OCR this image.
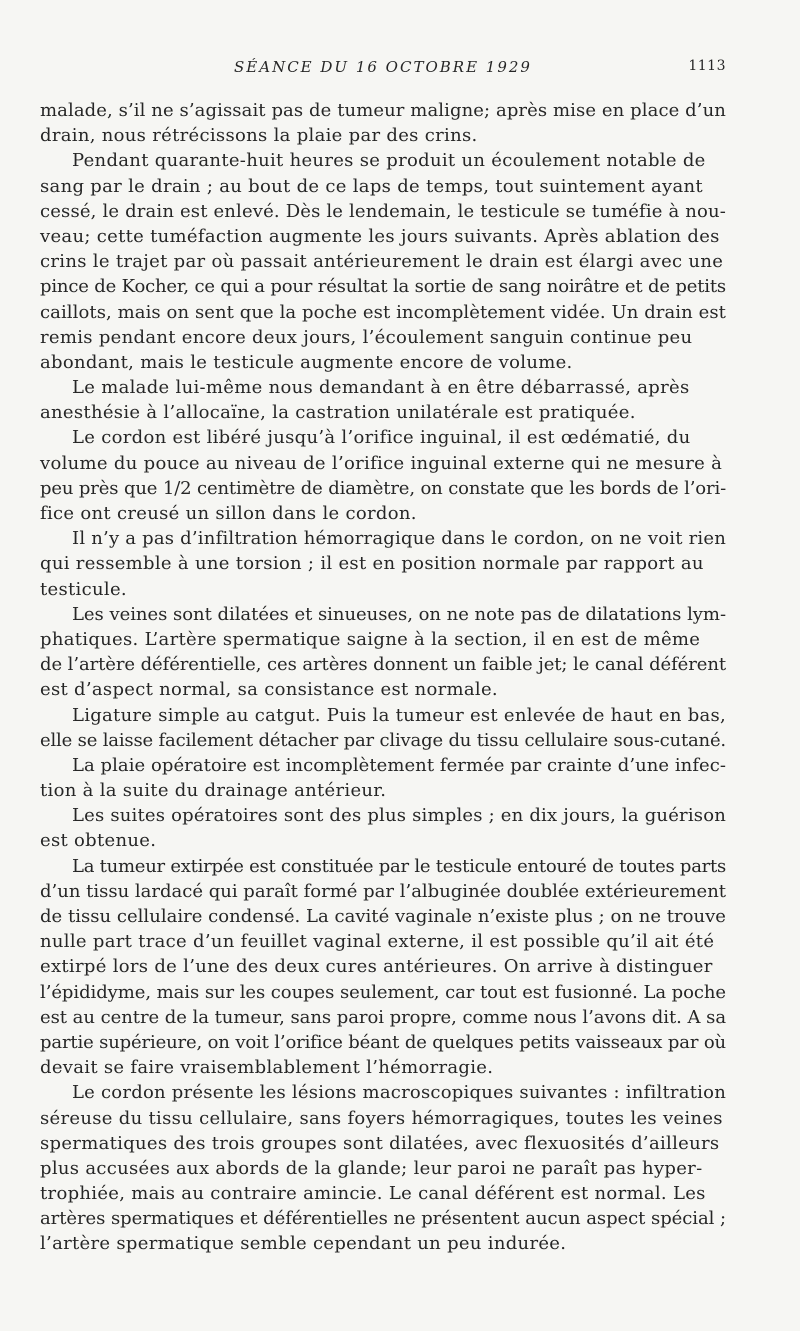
SÉANCE DU 16 OCTOBRE 1929	1113
malade, s’il ne s’agissait pas de tumeur maligne; après mise en place d’un
drain, nous rétrécissons la plaie par des crins.
Pendant quarante-huit heures se produit un écoulement notable de
sang par le drain ; au bout de ce laps de temps, tout suintement ayant
cessé, le drain est enlevé. Dès le lendemain, le testicule se tuméfie à nou-
veau; cette tuméfaction augmente les jours suivants. Après ablation des
crins le trajet par où passait antérieurement le drain est élargi avec une
pince de Kocher, ce qui a pour résultat la sortie de sang noirâtre et de petits
caillots, mais on sent que la poche est incomplètement vidée. Un drain est
remis pendant encore deux jours, l’écoulement sanguin continue peu
abondant, mais le testicule augmente encore de volume.
Le malade lui-même nous demandant à en être débarrassé, après
anesthésie à l’allocaïne, la castration unilatérale est pratiquée.
Le cordon est libéré jusqu’à l’orifice inguinal, il est œdématié, du
volume du pouce au niveau de l’orifice inguinal externe qui ne mesure à
peu près que 1/2 centimètre de diamètre, on constate que les bords de l’ori-
fice ont creusé un sillon dans le cordon.
Il n’y a pas d’infiltration hémorragique dans le cordon, on ne voit rien
qui ressemble à une torsion ; il est en position normale par rapport au
testicule.
Les veines sont dilatées et sinueuses, on ne note pas de dilatations lym-
phatiques. L’artère spermatique saigne à la section, il en est de même
de l’artère déférentielle, ces artères donnent un faible jet; le canal déférent
est d’aspect normal, sa consistance est normale.
Ligature simple au catgut. Puis la tumeur est enlevée de haut en bas,
elle se laisse facilement détacher par clivage du tissu cellulaire sous-cutané.
La plaie opératoire est incomplètement fermée par crainte d’une infec-
tion à la suite du drainage antérieur.
Les suites opératoires sont des plus simples ; en dix jours, la guérison
est obtenue.
La tumeur extirpée est constituée par le testicule entouré de toutes parts
d’un tissu lardacé qui paraît formé par l’albuginée doublée extérieurement
de tissu cellulaire condensé. La cavité vaginale n’existe plus ; on ne trouve
nulle part trace d’un feuillet vaginal externe, il est possible qu’il ait été
extirpé lors de l’une des deux cures antérieures. On arrive à distinguer
l’épididyme, mais sur les coupes seulement, car tout est fusionné. La poche
est au centre de la tumeur, sans paroi propre, comme nous l’avons dit. A sa
partie supérieure, on voit l’orifice béant de quelques petits vaisseaux par où
devait se faire vraisemblablement l’hémorragie.
Le cordon présente les lésions macroscopiques suivantes : infiltration
séreuse du tissu cellulaire, sans foyers hémorragiques, toutes les veines
spermatiques des trois groupes sont dilatées, avec flexuosités d’ailleurs
plus accusées aux abords de la glande; leur paroi ne paraît pas hyper-
trophiée, mais au contraire amincie. Le canal déférent est normal. Les
artères spermatiques et déférentielles ne présentent aucun aspect spécial ;
l’artère spermatique semble cependant un peu indurée.
